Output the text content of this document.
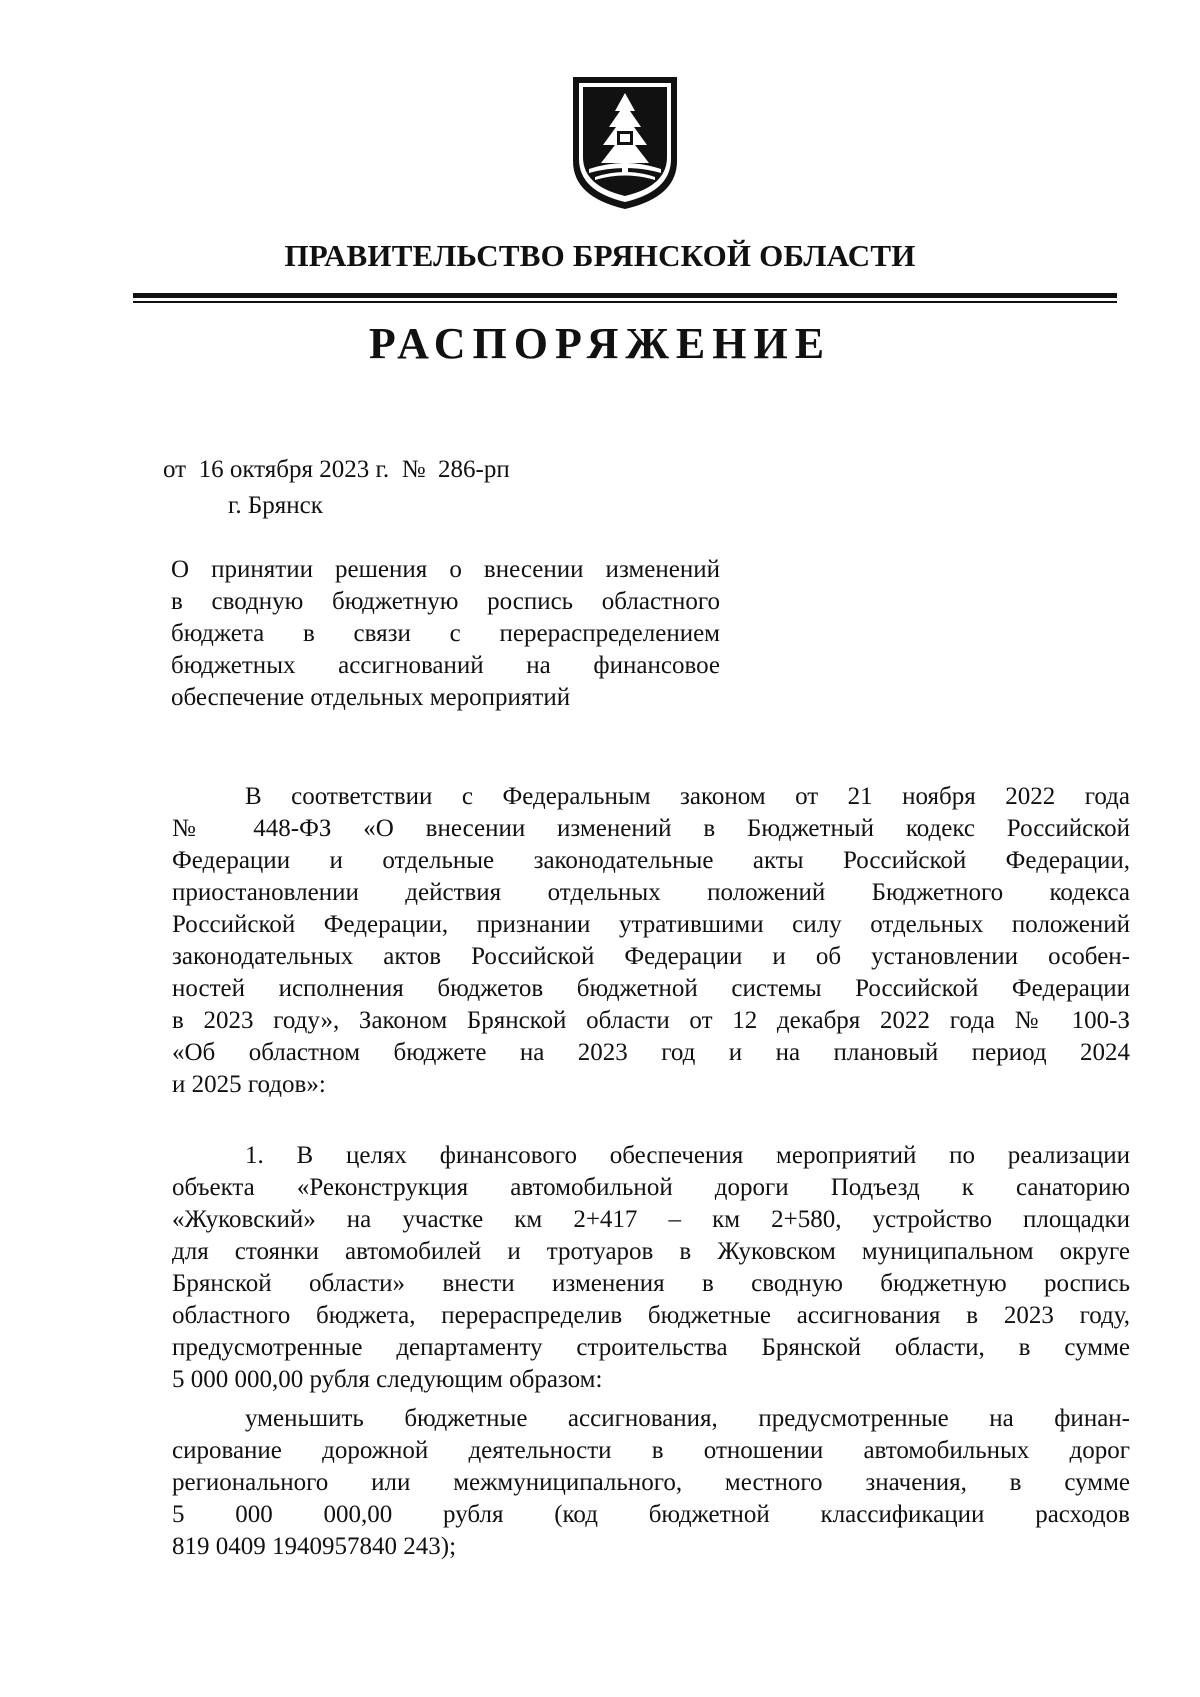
ПРАВИТЕЛЬСТВО БРЯНСКОЙ ОБЛАСТИ
РАСПОРЯЖЕНИЕ
от 16 октября 2023 г. № 286-рп
г. Брянск
О принятии решения о внесении изменений
в сводную бюджетную роспись областного
бюджета в связи с перераспределением
бюджетных ассигнований на финансовое
обеспечение отдельных мероприятий
В соответствии с Федеральным законом от 21 ноября 2022 года
№ 448-ФЗ «О внесении изменений в Бюджетный кодекс Российской
Федерации и отдельные законодательные акты Российской Федерации,
приостановлении действия отдельных положений Бюджетного кодекса
Российской Федерации, признании утратившими силу отдельных положений
законодательных актов Российской Федерации и об установлении особен-
ностей исполнения бюджетов бюджетной системы Российской Федерации
в 2023 году», Законом Брянской области от 12 декабря 2022 года № 100-З
«Об областном бюджете на 2023 год и на плановый период 2024
и 2025 годов»:
1. В целях финансового обеспечения мероприятий по реализации
объекта «Реконструкция автомобильной дороги Подъезд к санаторию
«Жуковский» на участке км 2+417 – км 2+580, устройство площадки
для стоянки автомобилей и тротуаров в Жуковском муниципальном округе
Брянской области» внести изменения в сводную бюджетную роспись
областного бюджета, перераспределив бюджетные ассигнования в 2023 году,
предусмотренные департаменту строительства Брянской области, в сумме
5 000 000,00 рубля следующим образом:
уменьшить бюджетные ассигнования, предусмотренные на финан-
сирование дорожной деятельности в отношении автомобильных дорог
регионального или межмуниципального, местного значения, в сумме
5 000 000,00 рубля (код бюджетной классификации расходов
819 0409 1940957840 243);
